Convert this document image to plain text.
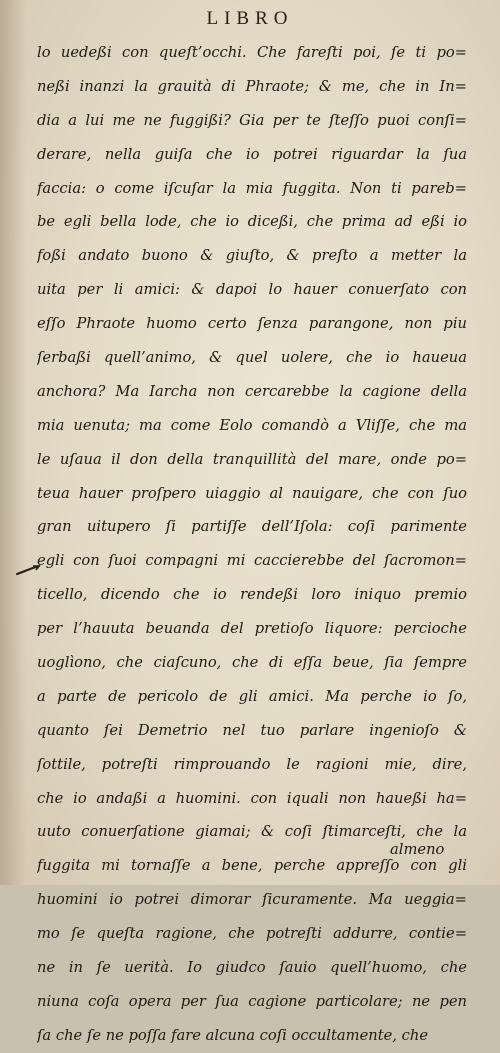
LIBRO
lo uedeßi con queſt’occhi. Che fareſti poi, ſe ti po=
neßi inanzi la grauità di Phraote; & me, che in In=
dia a lui me ne fuggißi? Gia per te ſteſſo puoi conſi=
derare, nella guiſa che io potrei riguardar la ſua
faccia: o come iſcuſar la mia fuggita. Non ti pareb=
be egli bella lode, che io diceßi, che prima ad eßi io
foßi andato buono & giuſto, & preſto a metter la
uita per li amici: & dapoi lo hauer conuerſato con
eſſo Phraote huomo certo ſenza parangone, non piu
ſerbaßi quell’animo, & quel uolere, che io haueua
anchora? Ma Iarcha non cercarebbe la cagione della
mia uenuta; ma come Eolo comandò a Vliſſe, che ma
le uſaua il don della tranquillità del mare, onde po=
teua hauer proſpero uiaggio al nauigare, che con ſuo
gran uitupero ſi partiſſe dell’Iſola: coſi parimente
egli con ſuoi compagni mi caccierebbe del ſacromon=
ticello, dicendo che io rendeßi loro iniquo premio
per l’hauuta beuanda del pretioſo liquore: percioche
uoglìono, che ciaſcuno, che di eſſa beue, ſia ſempre
a parte de pericolo de gli amici. Ma perche io ſo,
quanto ſei Demetrio nel tuo parlare ingenioſo &
ſottile, potreſti rimprouando le ragioni mie, dire,
che io andaßi a huomini. con iquali non haueßi ha=
uuto conuerſatione giamai; & coſi ſtimarceſti, che la
fuggita mi tornaſſe a bene, perche appreſſo con gli
huomini io potrei dimorar ſicuramente. Ma ueggia=
mo ſe queſta ragione, che potreſti addurre, contie=
ne in ſe uerità. Io giudco ſauio quell’huomo, che
niuna coſa opera per ſua cagione particolare; ne pen
ſa che ſe ne poſſa fare alcuna coſi occultamente, che
almeno
